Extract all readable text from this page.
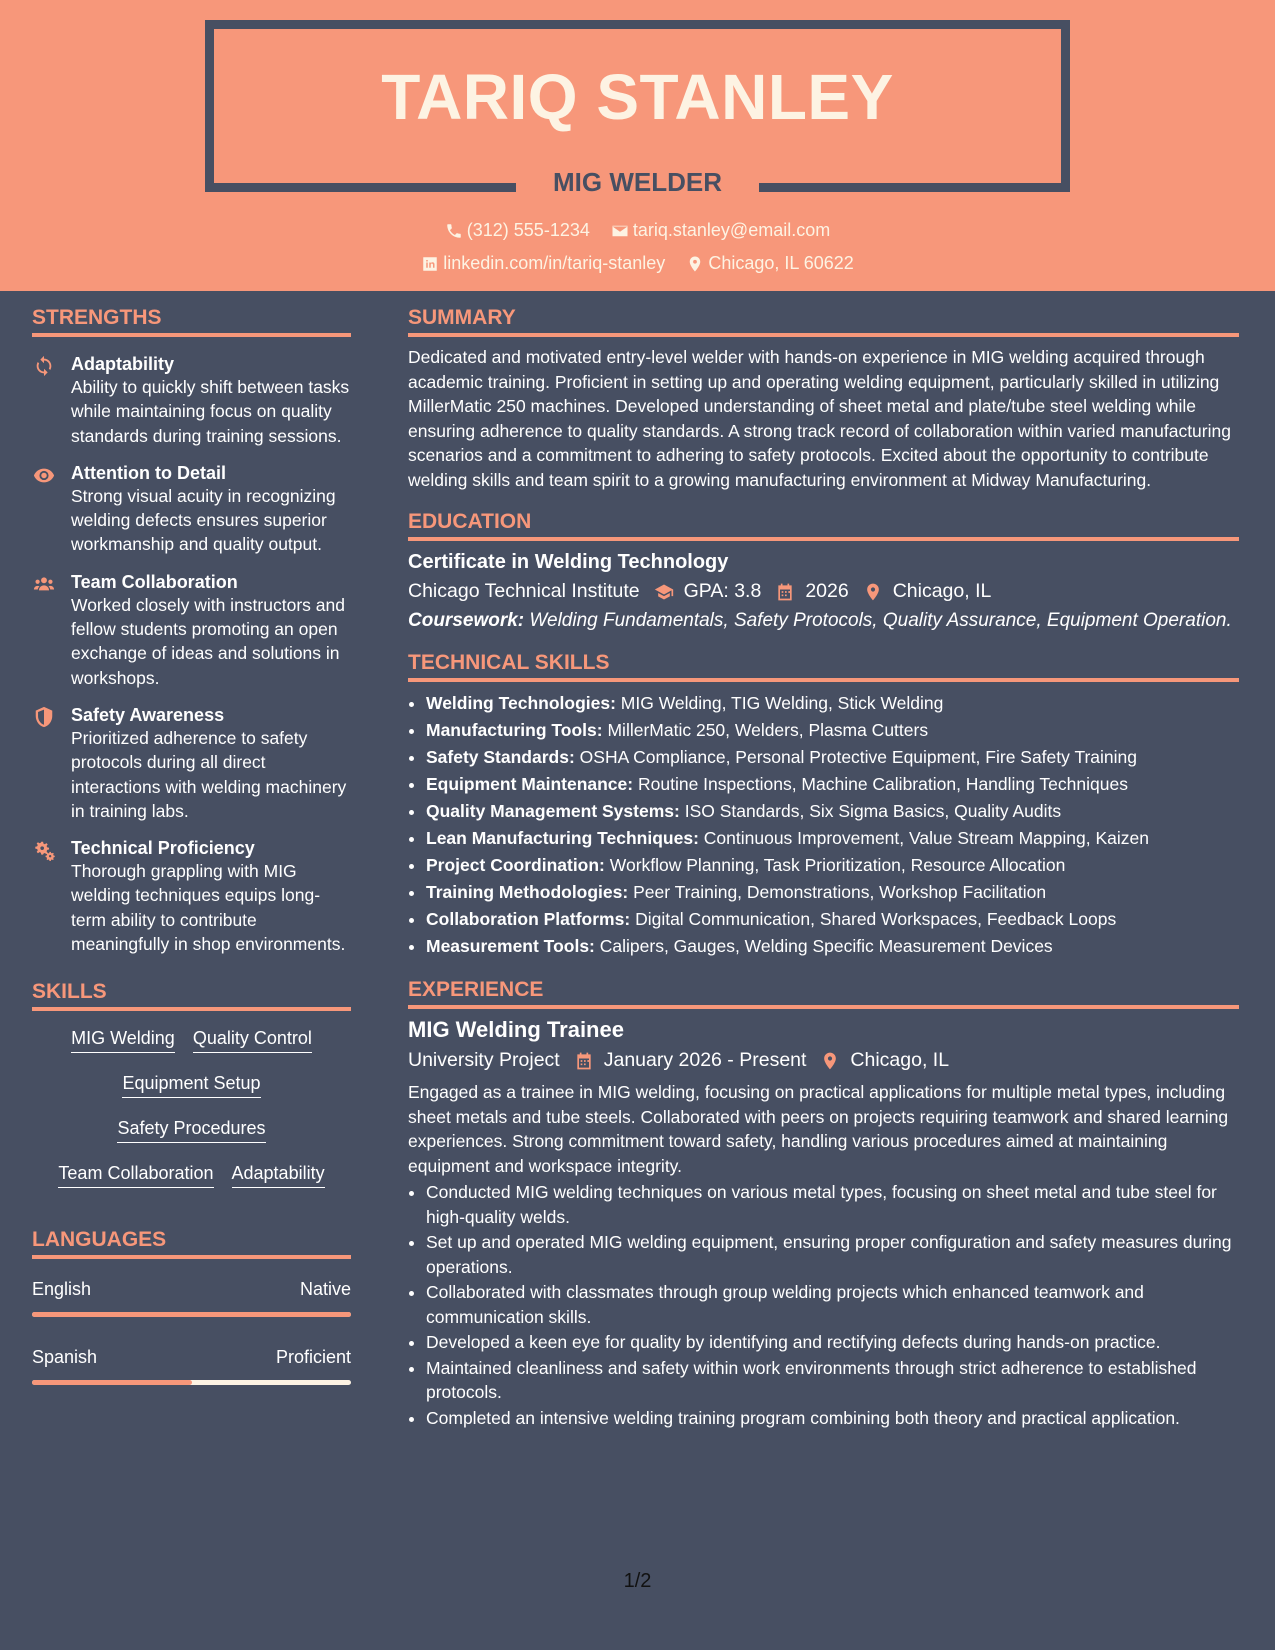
TARIQ STANLEY
MIG WELDER
(312) 555-1234
tariq.stanley@email.com
linkedin.com/in/tariq-stanley
Chicago, IL 60622
STRENGTHS
Adaptability

Ability to quickly shift between tasks while maintaining focus on quality standards during training sessions.

Attention to Detail

Strong visual acuity in recognizing welding defects ensures superior workmanship and quality output.

Team Collaboration

Worked closely with instructors and fellow students promoting an open exchange of ideas and solutions in workshops.

Safety Awareness

Prioritized adherence to safety protocols during all direct interactions with welding machinery in training labs.

Technical Proficiency

Thorough grappling with MIG welding techniques equips long-term ability to contribute meaningfully in shop environments.

SKILLS
MIG Welding Quality Control
Equipment Setup
Safety Procedures
Team Collaboration Adaptability
LANGUAGES
English	Native
Spanish	Proficient
SUMMARY

Dedicated and motivated entry-level welder with hands-on experience in MIG welding acquired through academic training. Proficient in setting up and operating welding equipment, particularly skilled in utilizing MillerMatic 250 machines. Developed understanding of sheet metal and plate/tube steel welding while ensuring adherence to quality standards. A strong track record of collaboration within varied manufacturing scenarios and a commitment to adhering to safety protocols. Excited about the opportunity to contribute welding skills and team spirit to a growing manufacturing environment at Midway Manufacturing.

EDUCATION
Certificate in Welding Technology
Chicago Technical Institute GPA: 3.8 2026 Chicago, IL

Coursework: Welding Fundamentals, Safety Protocols, Quality Assurance, Equipment Operation.

TECHNICAL SKILLS
• Welding Technologies: MIG Welding, TIG Welding, Stick Welding
• Manufacturing Tools: MillerMatic 250, Welders, Plasma Cutters
• Safety Standards: OSHA Compliance, Personal Protective Equipment, Fire Safety Training
• Equipment Maintenance: Routine Inspections, Machine Calibration, Handling Techniques
• Quality Management Systems: ISO Standards, Six Sigma Basics, Quality Audits
• Lean Manufacturing Techniques: Continuous Improvement, Value Stream Mapping, Kaizen
• Project Coordination: Workflow Planning, Task Prioritization, Resource Allocation
• Training Methodologies: Peer Training, Demonstrations, Workshop Facilitation
• Collaboration Platforms: Digital Communication, Shared Workspaces, Feedback Loops
• Measurement Tools: Calipers, Gauges, Welding Specific Measurement Devices
EXPERIENCE
MIG Welding Trainee
University Project January 2026 - Present Chicago, IL

Engaged as a trainee in MIG welding, focusing on practical applications for multiple metal types, including sheet metals and tube steels. Collaborated with peers on projects requiring teamwork and shared learning experiences. Strong commitment toward safety, handling various procedures aimed at maintaining equipment and workspace integrity.

• Conducted MIG welding techniques on various metal types, focusing on sheet metal and tube steel for high-quality welds.
• Set up and operated MIG welding equipment, ensuring proper configuration and safety measures during operations.
• Collaborated with classmates through group welding projects which enhanced teamwork and communication skills.
• Developed a keen eye for quality by identifying and rectifying defects during hands-on practice.
• Maintained cleanliness and safety within work environments through strict adherence to established protocols.
• Completed an intensive welding training program combining both theory and practical application.
1/2
